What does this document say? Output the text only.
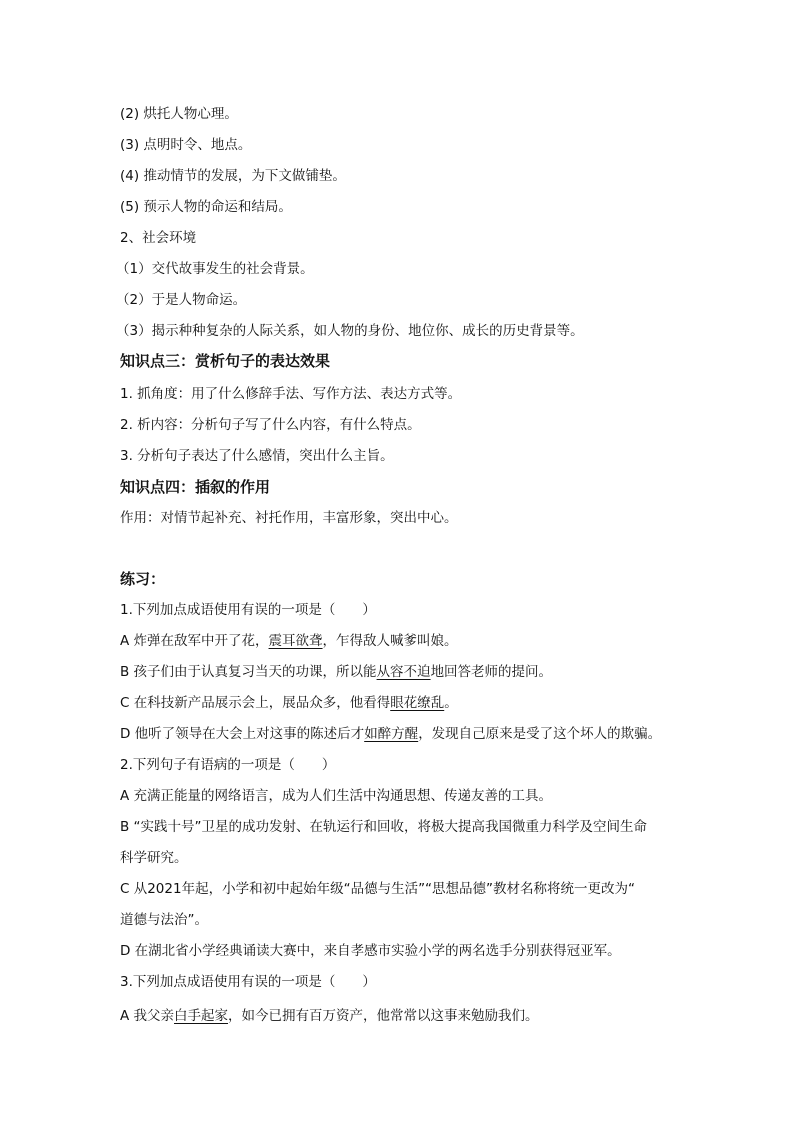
(2) 烘托人物心理。
(3) 点明时令、地点。
(4) 推动情节的发展，为下文做铺垫。
(5) 预示人物的命运和结局。
2、社会环境
（1）交代故事发生的社会背景。
（2）于是人物命运。
（3）揭示种种复杂的人际关系，如人物的身份、地位你、成长的历史背景等。
知识点三：赏析句子的表达效果
1. 抓角度：用了什么修辞手法、写作方法、表达方式等。
2. 析内容：分析句子写了什么内容，有什么特点。
3. 分析句子表达了什么感情，突出什么主旨。
知识点四：插叙的作用
作用：对情节起补充、衬托作用，丰富形象，突出中心。
练习：
1.下列加点成语使用有误的一项是（　　）
A 炸弹在敌军中开了花，震耳欲聋，乍得敌人喊爹叫娘。
B 孩子们由于认真复习当天的功课，所以能从容不迫地回答老师的提问。
C 在科技新产品展示会上，展品众多，他看得眼花缭乱。
D 他听了领导在大会上对这事的陈述后才如醉方醒，发现自己原来是受了这个坏人的欺骗。
2.下列句子有语病的一项是（　　）
A 充满正能量的网络语言，成为人们生活中沟通思想、传递友善的工具。
B “实践十号”卫星的成功发射、在轨运行和回收，将极大提高我国微重力科学及空间生命
科学研究。
C 从2021年起，小学和初中起始年级“品德与生活”“思想品德”教材名称将统一更改为“
道德与法治”。
D 在湖北省小学经典诵读大赛中，来自孝感市实验小学的两名选手分别获得冠亚军。
3.下列加点成语使用有误的一项是（　　）
A 我父亲白手起家，如今已拥有百万资产，他常常以这事来勉励我们。
